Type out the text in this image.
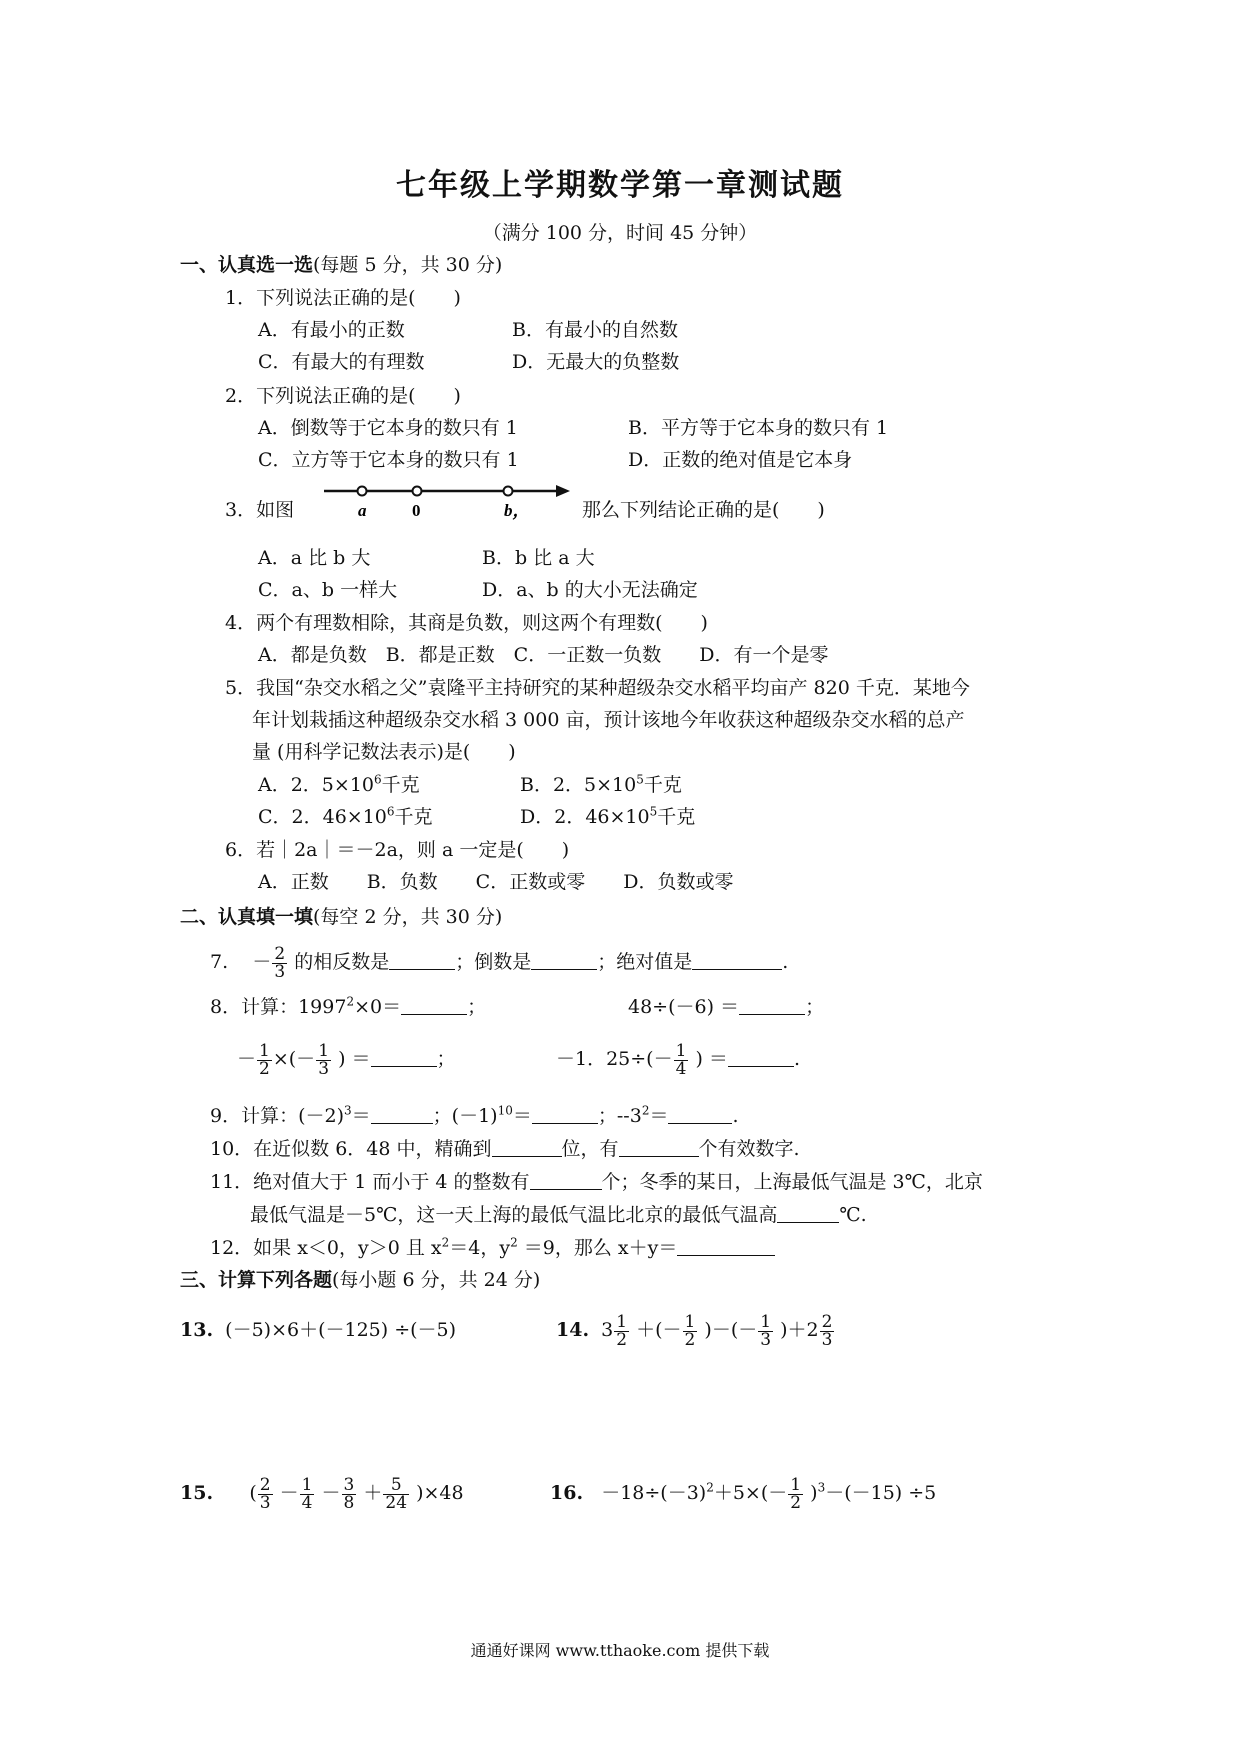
七年级上学期数学第一章测试题
（满分 100 分，时间 45 分钟）
一、认真选一选(每题 5 分，共 30 分)
1．下列说法正确的是(　　)
A．有最小的正数	B．有最小的自然数
C．有最大的有理数	D．无最大的负整数
2．下列说法正确的是(　　)
A．倒数等于它本身的数只有 1	B．平方等于它本身的数只有 1
C．立方等于它本身的数只有 1	D．正数的绝对值是它本身
3．如图	a	0	b，	那么下列结论正确的是(　　)
A．a 比 b 大	B．b 比 a 大
C．a、b 一样大	D．a、b 的大小无法确定
4．两个有理数相除，其商是负数，则这两个有理数(　　)
A．都是负数　B．都是正数　C．一正数一负数　　D．有一个是零
5．我国“杂交水稻之父”袁隆平主持研究的某种超级杂交水稻平均亩产 820 千克．某地今
年计划栽插这种超级杂交水稻 3 000 亩，预计该地今年收获这种超级杂交水稻的总产
量 (用科学记数法表示)是(　　)
A．2．$5\times 10^6$千克	B．2．$5\times 10^5$千克
C．2．$46\times 10^6$千克	D．2．$46\times 10^5$千克
6．若｜2a｜＝－2a，则 a 一定是(　　)
A．正数　　B．负数　　C．正数或零　　D．负数或零
二、认真填一填(每空 2 分，共 30 分)
7. － $\frac{2}{3}$ 的相反数是	；倒数是	；绝对值是	.
8．计算：$1997^2\times 0=$	；	48÷(－6) ＝	；
－ $\frac{1}{2}$ ×(－ $\frac{1}{3}$ ) ＝	；	－1．$25\div(- \frac{1}{4}$ ) ＝	.
9．计算：$(-2)^3=$	；$(-1)^{10}=$	；$--3^2=$	.
10．在近似数 6．48 中，精确到	位，有	个有效数字.
11．绝对值大于 1 而小于 4 的整数有	个；冬季的某日，上海最低气温是 3℃，北京
最低气温是－5℃，这一天上海的最低气温比北京的最低气温高	℃.
12．如果 x＜0，y＞0 且 $x^2=4$，$y^2 =9$，那么 x＋y＝
三、计算下列各题(每小题 6 分，共 24 分)
13. (－5)×6＋(－125) ÷(－5)	14. $3 \frac{1}{2}$ ＋(－ $\frac{1}{2}$ )－(－ $\frac{1}{3} )+2 \frac{2}{3}$
15. ( $\frac{2}{3} - \frac{1}{4} - \frac{3}{8} + \frac{5}{24} )\times 48$	16. $-18\div(-3)^2+5\times(- \frac{1}{2} )^3-(-15) \div 5$
通通好课网 www.tthaoke.com 提供下载
